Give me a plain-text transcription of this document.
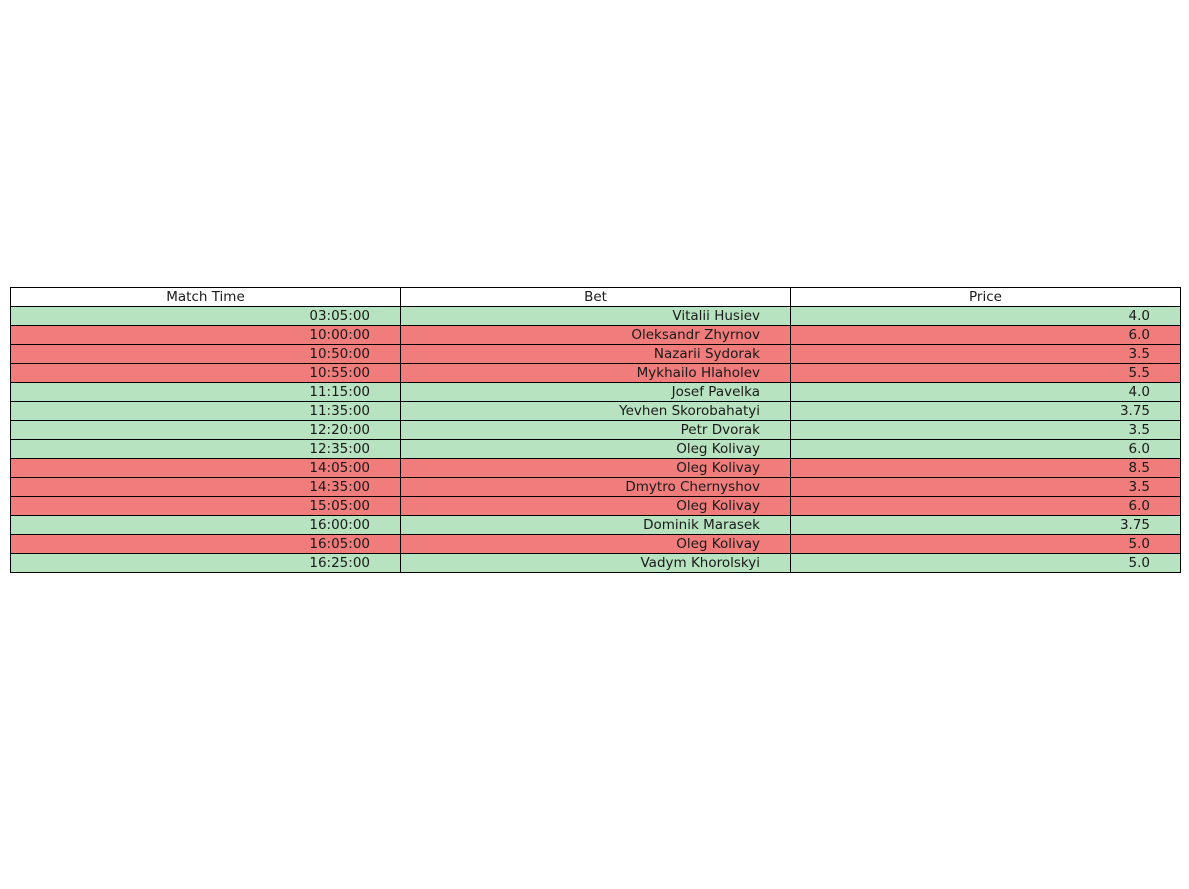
Match Time	Bet	Price
03:05:00	Vitalii Husiev	4.0
10:00:00	Oleksandr Zhyrnov	6.0
10:50:00	Nazarii Sydorak	3.5
10:55:00	Mykhailo Hlaholev	5.5
11:15:00	Josef Pavelka	4.0
11:35:00	Yevhen Skorobahatyi	3.75
12:20:00	Petr Dvorak	3.5
12:35:00	Oleg Kolivay	6.0
14:05:00	Oleg Kolivay	8.5
14:35:00	Dmytro Chernyshov	3.5
15:05:00	Oleg Kolivay	6.0
16:00:00	Dominik Marasek	3.75
16:05:00	Oleg Kolivay	5.0
16:25:00	Vadym Khorolskyi	5.0
